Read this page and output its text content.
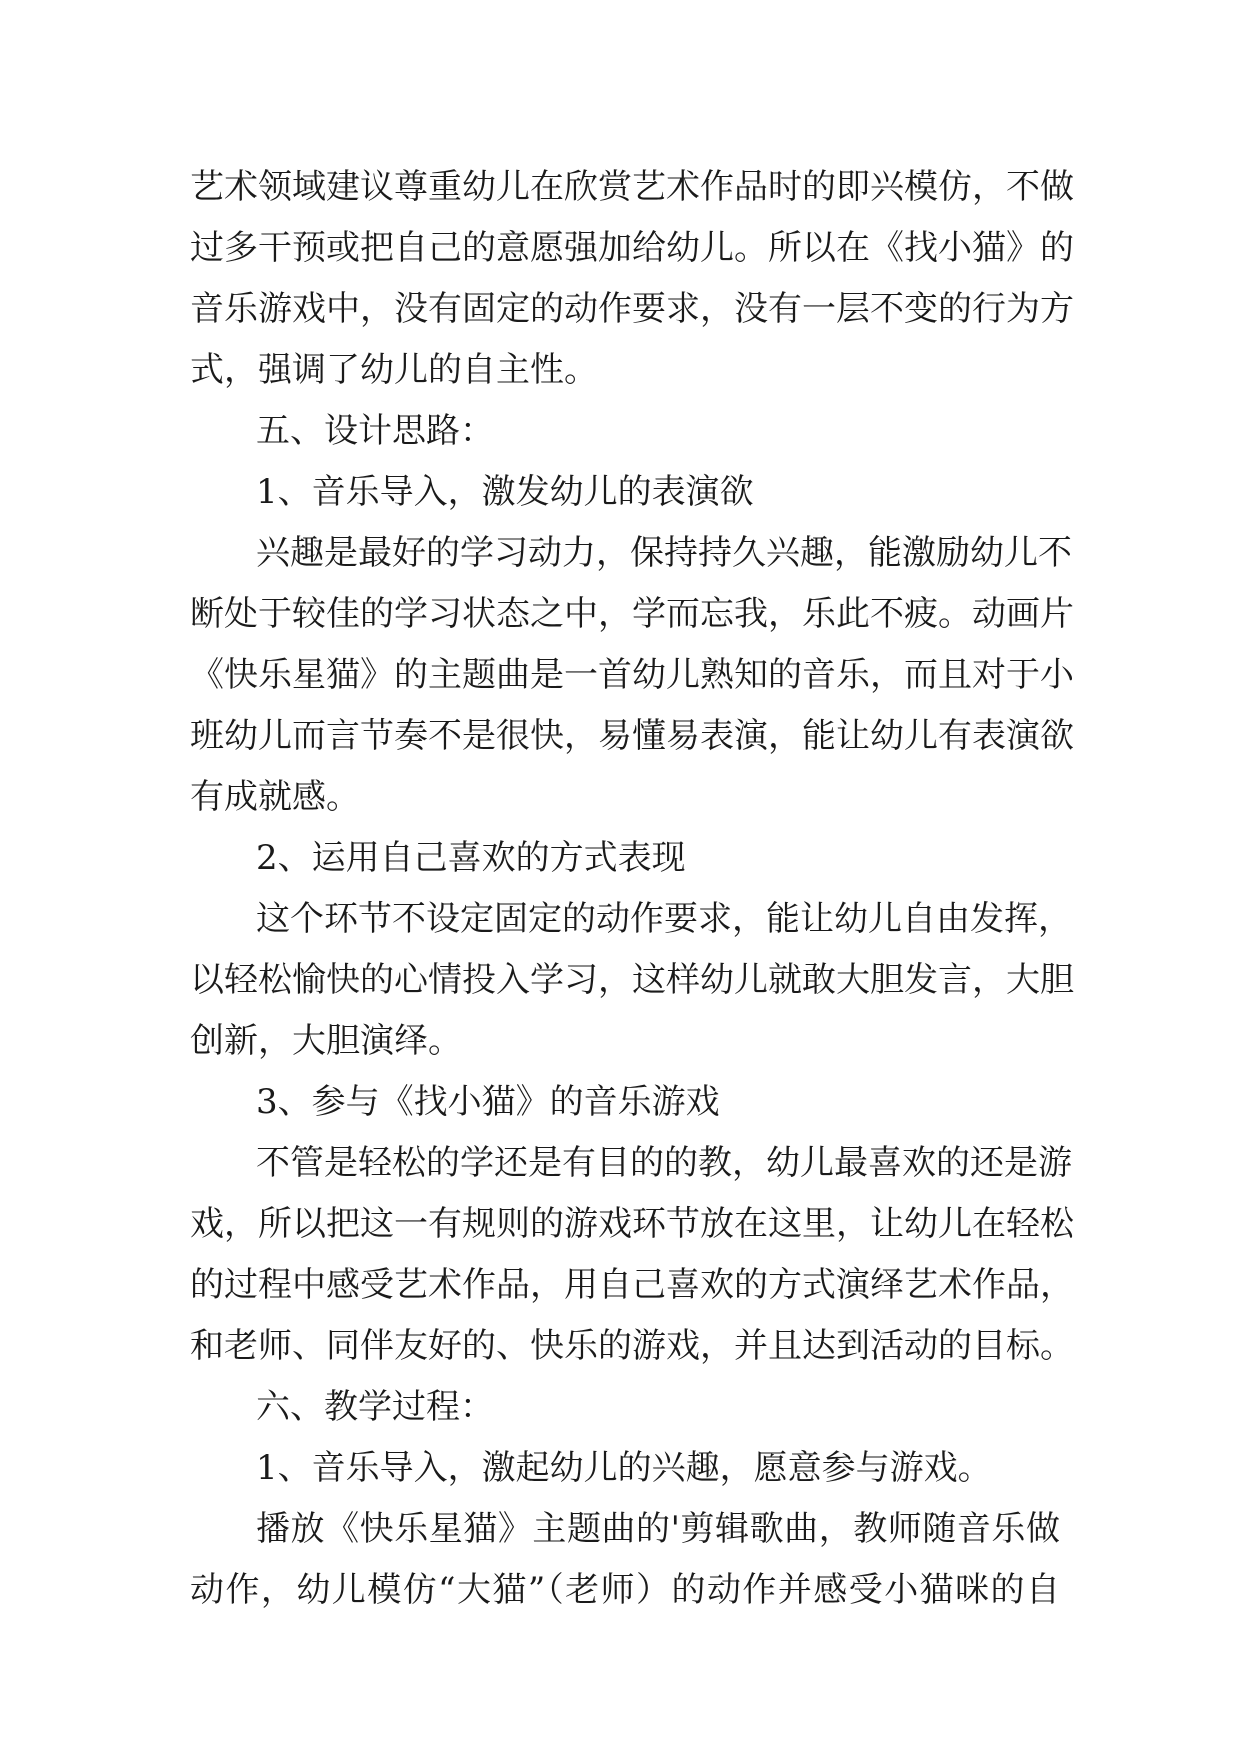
艺术领域建议尊重幼儿在欣赏艺术作品时的即兴模仿，不做
过多干预或把自己的意愿强加给幼儿。所以在《找小猫》的
音乐游戏中，没有固定的动作要求，没有一层不变的行为方
式，强调了幼儿的自主性。
五、设计思路：
1、音乐导入，激发幼儿的表演欲
兴趣是最好的学习动力，保持持久兴趣，能激励幼儿不
断处于较佳的学习状态之中，学而忘我，乐此不疲。动画片
《快乐星猫》的主题曲是一首幼儿熟知的音乐，而且对于小
班幼儿而言节奏不是很快，易懂易表演，能让幼儿有表演欲
有成就感。
2、运用自己喜欢的方式表现
这个环节不设定固定的动作要求，能让幼儿自由发挥，
以轻松愉快的心情投入学习，这样幼儿就敢大胆发言，大胆
创新，大胆演绎。
3、参与《找小猫》的音乐游戏
不管是轻松的学还是有目的的教，幼儿最喜欢的还是游
戏，所以把这一有规则的游戏环节放在这里，让幼儿在轻松
的过程中感受艺术作品，用自己喜欢的方式演绎艺术作品，
和老师、同伴友好的、快乐的游戏，并且达到活动的目标。
六、教学过程：
1、音乐导入，激起幼儿的兴趣，愿意参与游戏。
播放《快乐星猫》主题曲的'剪辑歌曲，教师随音乐做
动作，幼儿模仿“大猫”（老师）的动作并感受小猫咪的自
